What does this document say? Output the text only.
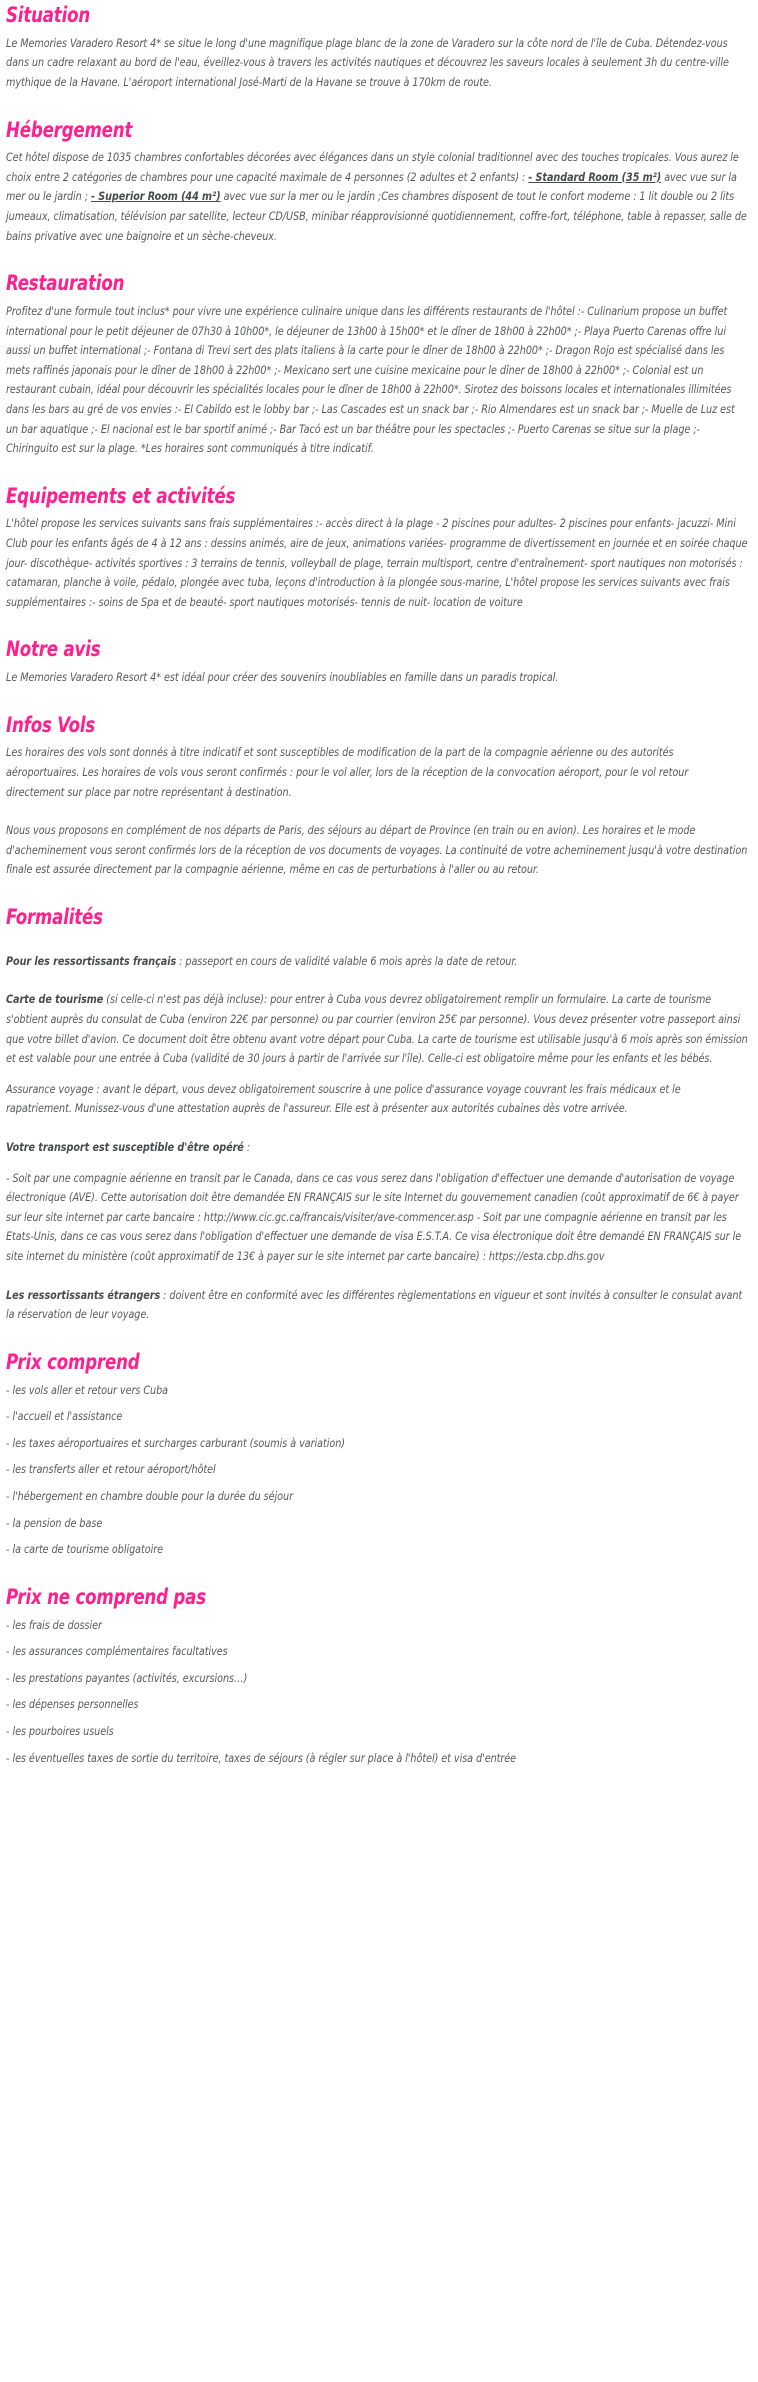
Situation

Le Memories Varadero Resort 4* se situe le long d'une magnifique plage blanc de la zone de Varadero sur la côte nord de l'île de Cuba. Détendez-vous dans un cadre relaxant au bord de l'eau, éveillez-vous à travers les activités nautiques et découvrez les saveurs locales à seulement 3h du centre-ville mythique de la Havane. L'aéroport international José-Marti de la Havane se trouve à 170km de route.

Hébergement

Cet hôtel dispose de 1035 chambres confortables décorées avec élégances dans un style colonial traditionnel avec des touches tropicales. Vous aurez le choix entre 2 catégories de chambres pour une capacité maximale de 4 personnes (2 adultes et 2 enfants) : - Standard Room (35 m²) avec vue sur la mer ou le jardin ; - Superior Room (44 m²) avec vue sur la mer ou le jardin ;Ces chambres disposent de tout le confort moderne : 1 lit double ou 2 lits jumeaux, climatisation, télévision par satellite, lecteur CD/USB, minibar réapprovisionné quotidiennement, coffre-fort, téléphone, table à repasser, salle de bains privative avec une baignoire et un sèche-cheveux.

Restauration

Profitez d'une formule tout inclus* pour vivre une expérience culinaire unique dans les différents restaurants de l'hôtel :- Culinarium propose un buffet international pour le petit déjeuner de 07h30 à 10h00*, le déjeuner de 13h00 à 15h00* et le dîner de 18h00 à 22h00* ;- Playa Puerto Carenas offre lui aussi un buffet international ;- Fontana di Trevi sert des plats italiens à la carte pour le dîner de 18h00 à 22h00* ;- Dragon Rojo est spécialisé dans les mets raffinés japonais pour le dîner de 18h00 à 22h00* ;- Mexicano sert une cuisine mexicaine pour le dîner de 18h00 à 22h00* ;- Colonial est un restaurant cubain, idéal pour découvrir les spécialités locales pour le dîner de 18h00 à 22h00*. Sirotez des boissons locales et internationales illimitées dans les bars au gré de vos envies :- El Cabildo est le lobby bar ;- Las Cascades est un snack bar ;- Rio Almendares est un snack bar ;- Muelle de Luz est un bar aquatique ;- El nacional est le bar sportif animé ;- Bar Tacó est un bar théâtre pour les spectacles ;- Puerto Carenas se situe sur la plage ;- Chiringuito est sur la plage. *Les horaires sont communiqués à titre indicatif.

Equipements et activités

L'hôtel propose les services suivants sans frais supplémentaires :- accès direct à la plage - 2 piscines pour adultes- 2 piscines pour enfants- jacuzzi- Mini Club pour les enfants âgés de 4 à 12 ans : dessins animés, aire de jeux, animations variées- programme de divertissement en journée et en soirée chaque jour- discothèque- activités sportives : 3 terrains de tennis, volleyball de plage, terrain multisport, centre d'entraînement- sport nautiques non motorisés : catamaran, planche à voile, pédalo, plongée avec tuba, leçons d'introduction à la plongée sous-marine, L'hôtel propose les services suivants avec frais supplémentaires :- soins de Spa et de beauté- sport nautiques motorisés- tennis de nuit- location de voiture

Notre avis

Le Memories Varadero Resort 4* est idéal pour créer des souvenirs inoubliables en famille dans un paradis tropical.

Infos Vols

Les horaires des vols sont donnés à titre indicatif et sont susceptibles de modification de la part de la compagnie aérienne ou des autorités aéroportuaires. Les horaires de vols vous seront confirmés : pour le vol aller, lors de la réception de la convocation aéroport, pour le vol retour directement sur place par notre représentant à destination.

Nous vous proposons en complément de nos départs de Paris, des séjours au départ de Province (en train ou en avion). Les horaires et le mode d'acheminement vous seront confirmés lors de la réception de vos documents de voyages. La continuité de votre acheminement jusqu'à votre destination finale est assurée directement par la compagnie aérienne, même en cas de perturbations à l'aller ou au retour.

Formalités

Pour les ressortissants français : passeport en cours de validité valable 6 mois après la date de retour.

Carte de tourisme (si celle-ci n'est pas déjà incluse): pour entrer à Cuba vous devrez obligatoirement remplir un formulaire. La carte de tourisme s'obtient auprès du consulat de Cuba (environ 22€ par personne) ou par courrier (environ 25€ par personne). Vous devez présenter votre passeport ainsi que votre billet d'avion. Ce document doit être obtenu avant votre départ pour Cuba. La carte de tourisme est utilisable jusqu'à 6 mois après son émission et est valable pour une entrée à Cuba (validité de 30 jours à partir de l'arrivée sur l'île). Celle-ci est obligatoire même pour les enfants et les bébés.

Assurance voyage : avant le départ, vous devez obligatoirement souscrire à une police d'assurance voyage couvrant les frais médicaux et le rapatriement. Munissez-vous d'une attestation auprès de l'assureur. Elle est à présenter aux autorités cubaines dès votre arrivée.

Votre transport est susceptible d'être opéré :

- Soit par une compagnie aérienne en transit par le Canada, dans ce cas vous serez dans l'obligation d'effectuer une demande d'autorisation de voyage électronique (AVE). Cette autorisation doit être demandée EN FRANÇAIS sur le site Internet du gouvernement canadien (coût approximatif de 6€ à payer sur leur site internet par carte bancaire : http://www.cic.gc.ca/francais/visiter/ave-commencer.asp - Soit par une compagnie aérienne en transit par les Etats-Unis, dans ce cas vous serez dans l'obligation d'effectuer une demande de visa E.S.T.A. Ce visa électronique doit être demandé EN FRANÇAIS sur le site internet du ministère (coût approximatif de 13€ à payer sur le site internet par carte bancaire) : https://esta.cbp.dhs.gov

Les ressortissants étrangers : doivent être en conformité avec les différentes règlementations en vigueur et sont invités à consulter le consulat avant la réservation de leur voyage.

Prix comprend
- les vols aller et retour vers Cuba
- l'accueil et l'assistance
- les taxes aéroportuaires et surcharges carburant (soumis à variation)
- les transferts aller et retour aéroport/hôtel
- l'hébergement en chambre double pour la durée du séjour
- la pension de base
- la carte de tourisme obligatoire
Prix ne comprend pas
- les frais de dossier
- les assurances complémentaires facultatives
- les prestations payantes (activités, excursions…)
- les dépenses personnelles
- les pourboires usuels
- les éventuelles taxes de sortie du territoire, taxes de séjours (à régler sur place à l'hôtel) et visa d'entrée
